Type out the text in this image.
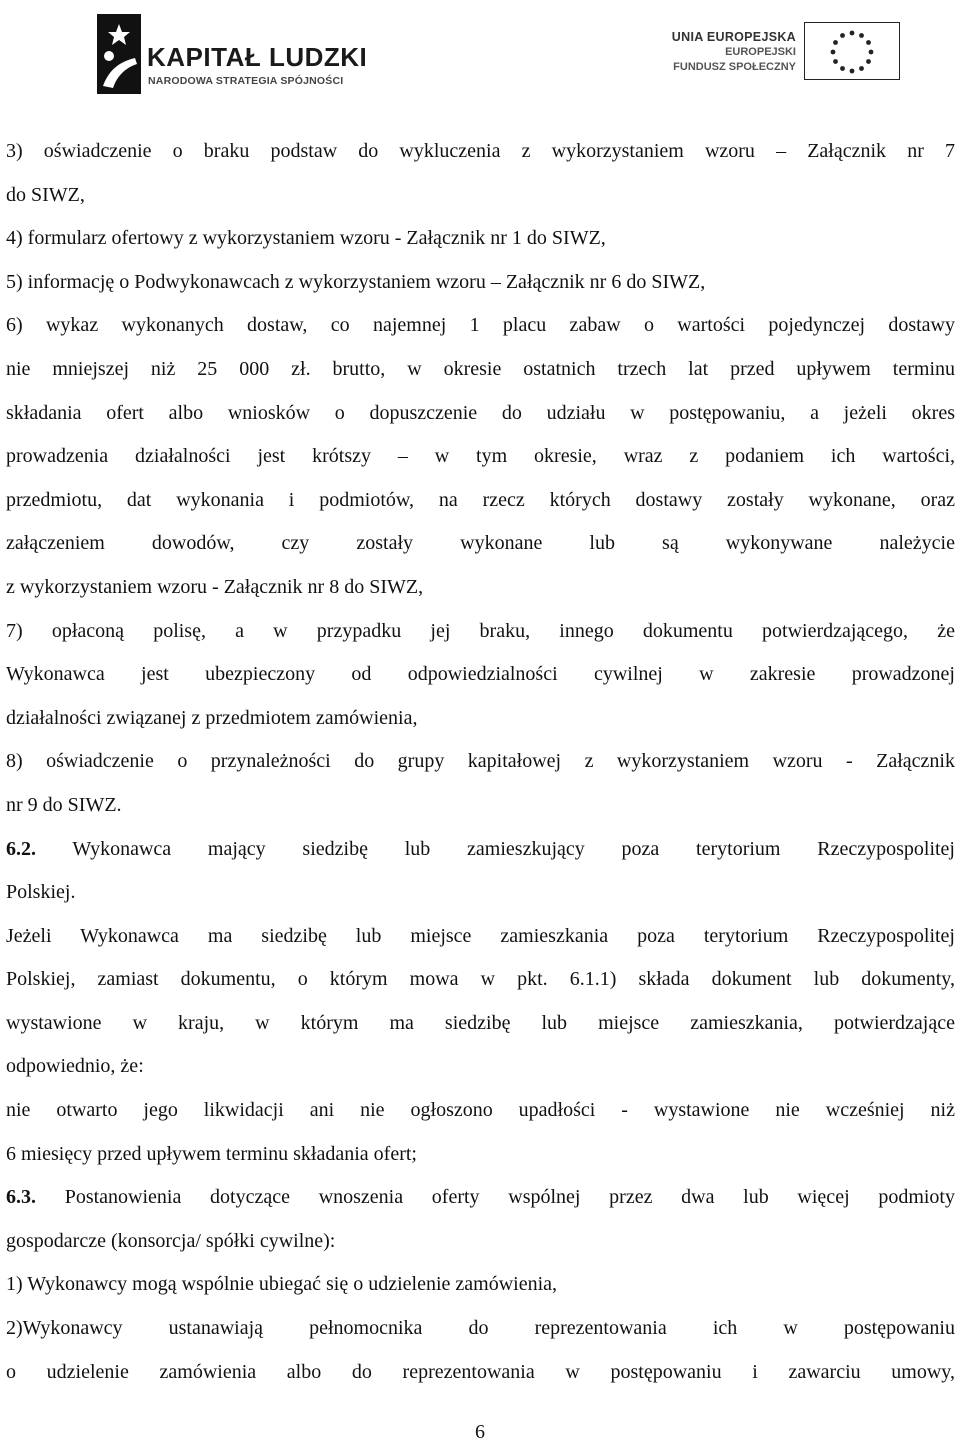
KAPITAŁ LUDZKI
NARODOWA STRATEGIA SPÓJNOŚCI
UNIA EUROPEJSKA
EUROPEJSKI
FUNDUSZ SPOŁECZNY
3) oświadczenie o braku podstaw do wykluczenia z wykorzystaniem wzoru – Załącznik nr 7
do SIWZ,
4) formularz ofertowy z wykorzystaniem wzoru - Załącznik nr 1 do SIWZ,
5) informację o Podwykonawcach z wykorzystaniem wzoru – Załącznik nr 6 do SIWZ,
6) wykaz wykonanych dostaw, co najemnej 1 placu zabaw o wartości pojedynczej dostawy
nie mniejszej niż 25 000 zł. brutto, w okresie ostatnich trzech lat przed upływem terminu
składania ofert albo wniosków o dopuszczenie do udziału w postępowaniu, a jeżeli okres
prowadzenia działalności jest krótszy – w tym okresie, wraz z podaniem ich wartości,
przedmiotu, dat wykonania i podmiotów, na rzecz których dostawy zostały wykonane, oraz
załączeniem dowodów, czy zostały wykonane lub są wykonywane należycie
z wykorzystaniem wzoru - Załącznik nr 8 do SIWZ,
7) opłaconą polisę, a w przypadku jej braku, innego dokumentu potwierdzającego, że
Wykonawca jest ubezpieczony od odpowiedzialności cywilnej w zakresie prowadzonej
działalności związanej z przedmiotem zamówienia,
8) oświadczenie o przynależności do grupy kapitałowej z wykorzystaniem wzoru - Załącznik
nr 9 do SIWZ.
6.2. Wykonawca mający siedzibę lub zamieszkujący poza terytorium Rzeczypospolitej
Polskiej.
Jeżeli Wykonawca ma siedzibę lub miejsce zamieszkania poza terytorium Rzeczypospolitej
Polskiej, zamiast dokumentu, o którym mowa w pkt. 6.1.1) składa dokument lub dokumenty,
wystawione w kraju, w którym ma siedzibę lub miejsce zamieszkania, potwierdzające
odpowiednio, że:
nie otwarto jego likwidacji ani nie ogłoszono upadłości - wystawione nie wcześniej niż
6 miesięcy przed upływem terminu składania ofert;
6.3. Postanowienia dotyczące wnoszenia oferty wspólnej przez dwa lub więcej podmioty
gospodarcze (konsorcja/ spółki cywilne):
1) Wykonawcy mogą wspólnie ubiegać się o udzielenie zamówienia,
2)Wykonawcy ustanawiają pełnomocnika do reprezentowania ich w postępowaniu
o udzielenie zamówienia albo do reprezentowania w postępowaniu i zawarciu umowy,
6
